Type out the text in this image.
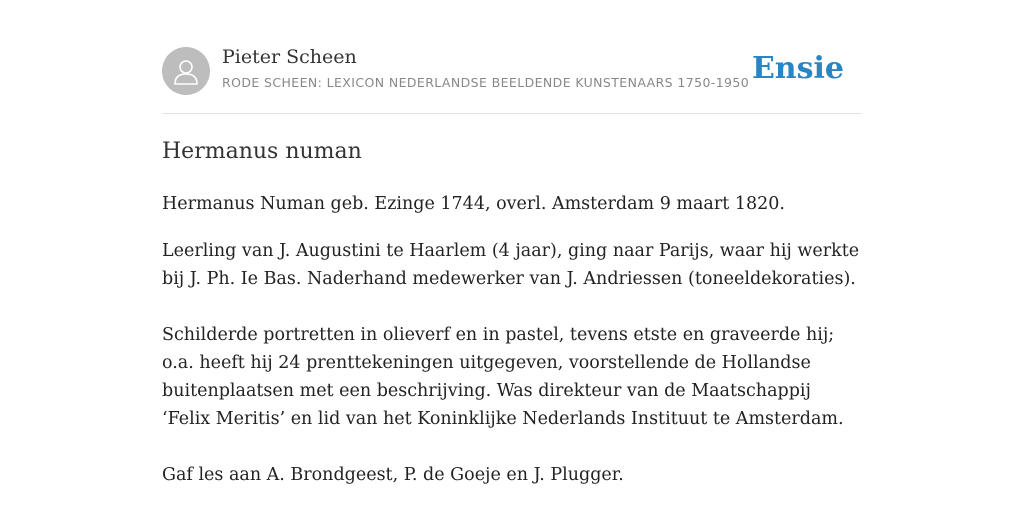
Pieter Scheen
RODE SCHEEN: LEXICON NEDERLANDSE BEELDENDE KUNSTENAARS 1750-1950 Ensie
Hermanus numan

Hermanus Numan geb. Ezinge 1744, overl. Amsterdam 9 maart 1820.

Leerling van J. Augustini te Haarlem (4 jaar), ging naar Parijs, waar hij werkte bij J. Ph. Ie Bas. Naderhand medewerker van J. Andriessen (toneeldekoraties).

Schilderde portretten in olieverf en in pastel, tevens etste en graveerde hij; o.a. heeft hij 24 prenttekeningen uitgegeven, voorstellende de Hollandse buitenplaatsen met een beschrijving. Was direkteur van de Maatschappij ‘Felix Meritis’ en lid van het Koninklijke Nederlands Instituut te Amsterdam.

Gaf les aan A. Brondgeest, P. de Goeje en J. Plugger.
